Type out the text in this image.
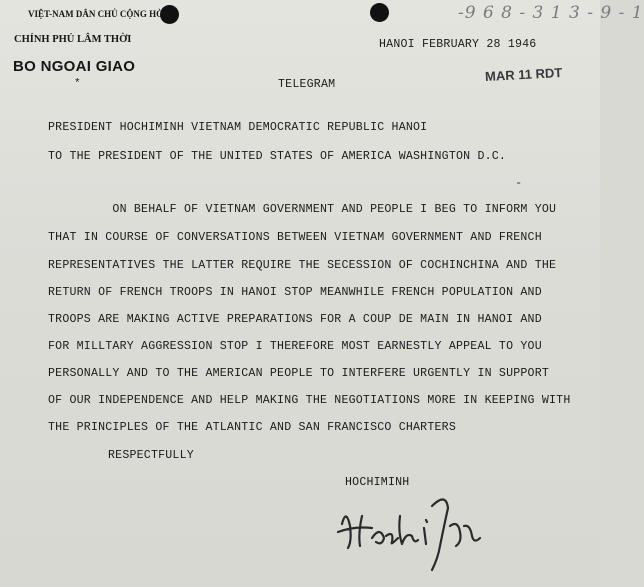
VIỆT-NAM DÂN CHỦ CỘNG HÒA
CHÍNH PHỦ LÂM THỜI
BO NGOAI GIAO
*
-9 6 8 - 3 1 3 - 9 - 1
HANOI FEBRUARY 28 1946
MAR 11 RDT
TELEGRAM
PRESIDENT HOCHIMINH VIETNAM DEMOCRATIC REPUBLIC HANOI
TO THE PRESIDENT OF THE UNITED STATES OF AMERICA WASHINGTON D.C.
‑
ON BEHALF OF VIETNAM GOVERNMENT AND PEOPLE I BEG TO INFORM YOU
THAT IN COURSE OF CONVERSATIONS BETWEEN VIETNAM GOVERNMENT AND FRENCH
REPRESENTATIVES THE LATTER REQUIRE THE SECESSION OF COCHINCHINA AND THE
RETURN OF FRENCH TROOPS IN HANOI STOP MEANWHILE FRENCH POPULATION AND
TROOPS ARE MAKING ACTIVE PREPARATIONS FOR A COUP DE MAIN IN HANOI AND
FOR MILLTARY AGGRESSION STOP I THEREFORE MOST EARNESTLY APPEAL TO YOU
PERSONALLY AND TO THE AMERICAN PEOPLE TO INTERFERE URGENTLY IN SUPPORT
OF OUR INDEPENDENCE AND HELP MAKING THE NEGOTIATIONS MORE IN KEEPING WITH
THE PRINCIPLES OF THE ATLANTIC AND SAN FRANCISCO CHARTERS
RESPECTFULLY
HOCHIMINH
